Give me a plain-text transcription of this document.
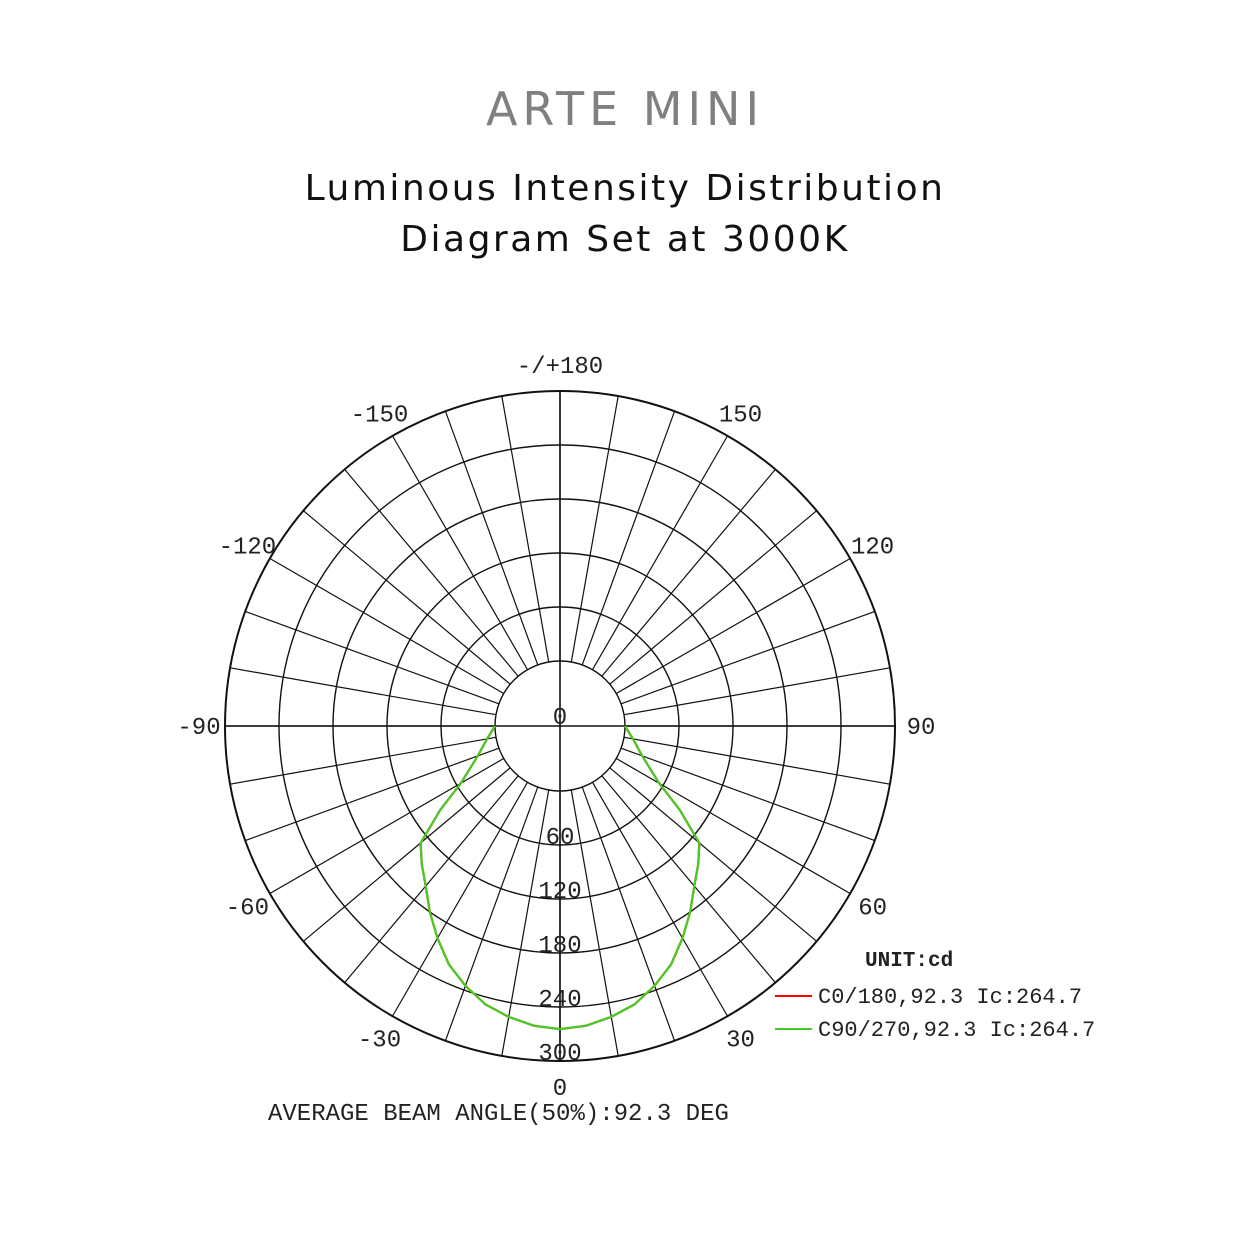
ARTE MINI
Luminous Intensity Distribution
Diagram Set at 3000K
0
30
60
90
120
150
-/+180
-150
-120
-90
-60
-30
0
60
120
180
240
300
UNIT:cd
C0/180,92.3 Ic:264.7
C90/270,92.3 Ic:264.7
AVERAGE BEAM ANGLE(50%):92.3 DEG
